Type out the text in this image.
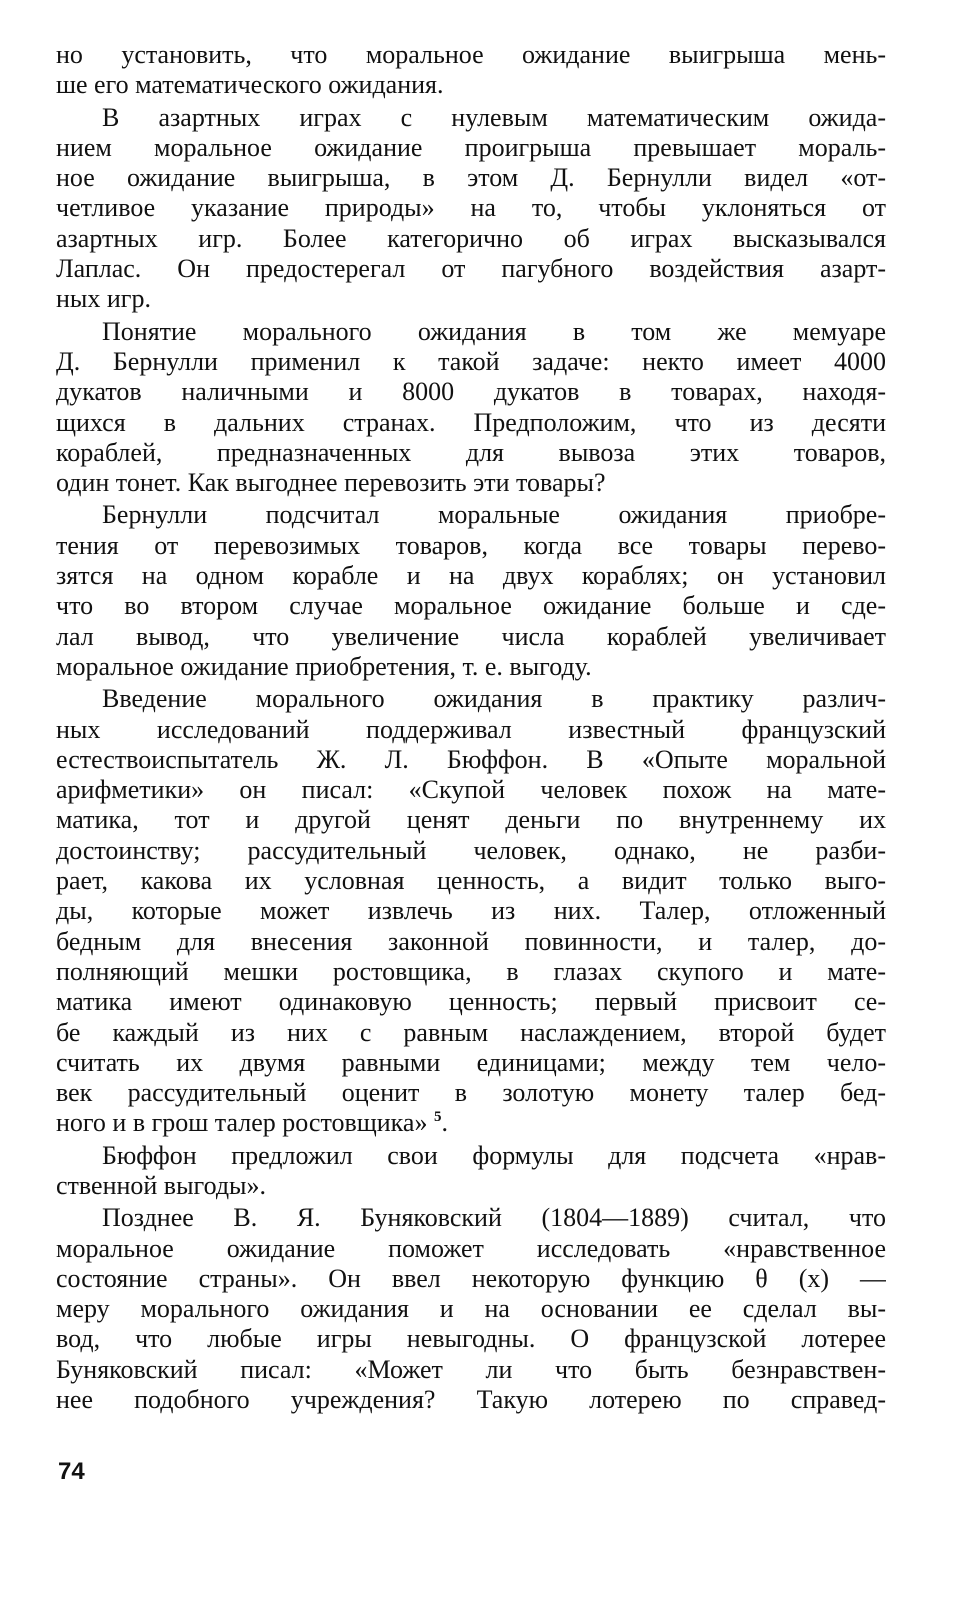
но установить, что моральное ожидание выигрыша мень-
ше его математического ожидания.

В азартных играх с нулевым математическим ожида-
нием моральное ожидание проигрыша превышает мораль-
ное ожидание выигрыша, в этом Д. Бернулли видел «от-
четливое указание природы» на то, чтобы уклоняться от
азартных игр. Более категорично об играх высказывался
Лаплас. Он предостерегал от пагубного воздействия азарт-
ных игр.

Понятие морального ожидания в том же мемуаре
Д. Бернулли применил к такой задаче: некто имеет 4000
дукатов наличными и 8000 дукатов в товарах, находя-
щихся в дальних странах. Предположим, что из десяти
кораблей, предназначенных для вывоза этих товаров,
один тонет. Как выгоднее перевозить эти товары?

Бернулли подсчитал моральные ожидания приобре-
тения от перевозимых товаров, когда все товары перево-
зятся на одном корабле и на двух кораблях; он установил
что во втором случае моральное ожидание больше и сде-
лал вывод, что увеличение числа кораблей увеличивает
моральное ожидание приобретения, т. е. выгоду.

Введение морального ожидания в практику различ-
ных исследований поддерживал известный французский
естествоиспытатель Ж. Л. Бюффон. В «Опыте моральной
арифметики» он писал: «Скупой человек похож на мате-
матика, тот и другой ценят деньги по внутреннему их
достоинству; рассудительный человек, однако, не разби-
рает, какова их условная ценность, а видит только выго-
ды, которые может извлечь из них. Талер, отложенный
бедным для внесения законной повинности, и талер, до-
полняющий мешки ростовщика, в глазах скупого и мате-
матика имеют одинаковую ценность; первый присвоит се-
бе каждый из них с равным наслаждением, второй будет
считать их двумя равными единицами; между тем чело-
век рассудительный оценит в золотую монету талер бед-
ного и в грош талер ростовщика» $^5$.

Бюффон предложил свои формулы для подсчета «нрав-
ственной выгоды».

Позднее В. Я. Буняковский (1804—1889) считал, что
моральное ожидание поможет исследовать «нравственное
состояние страны». Он ввел некоторую функцию θ (x) —
меру морального ожидания и на основании ее сделал вы-
вод, что любые игры невыгодны. О французской лотерее
Буняковский писал: «Может ли что быть безнравствен-
нее подобного учреждения? Такую лотерею по справед-

74
